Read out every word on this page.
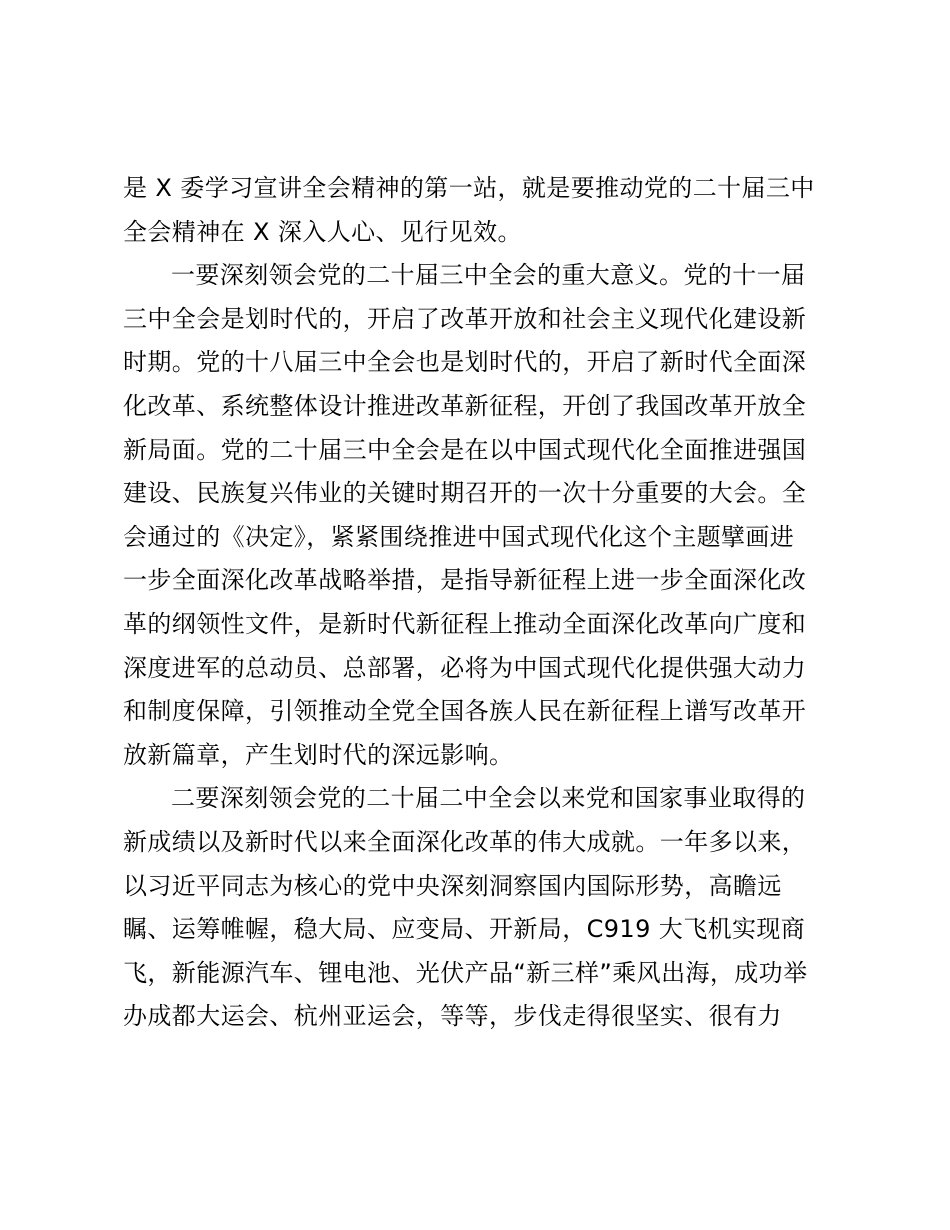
是 X 委学习宣讲全会精神的第一站，就是要推动党的二十届三中
全会精神在 X 深入人心、见行见效。
一要深刻领会党的二十届三中全会的重大意义。党的十一届
三中全会是划时代的，开启了改革开放和社会主义现代化建设新
时期。党的十八届三中全会也是划时代的，开启了新时代全面深
化改革、系统整体设计推进改革新征程，开创了我国改革开放全
新局面。党的二十届三中全会是在以中国式现代化全面推进强国
建设、民族复兴伟业的关键时期召开的一次十分重要的大会。全
会通过的《决定》，紧紧围绕推进中国式现代化这个主题擘画进
一步全面深化改革战略举措，是指导新征程上进一步全面深化改
革的纲领性文件，是新时代新征程上推动全面深化改革向广度和
深度进军的总动员、总部署，必将为中国式现代化提供强大动力
和制度保障，引领推动全党全国各族人民在新征程上谱写改革开
放新篇章，产生划时代的深远影响。
二要深刻领会党的二十届二中全会以来党和国家事业取得的
新成绩以及新时代以来全面深化改革的伟大成就。一年多以来，
以习近平同志为核心的党中央深刻洞察国内国际形势，高瞻远
瞩、运筹帷幄，稳大局、应变局、开新局，C919 大飞机实现商
飞，新能源汽车、锂电池、光伏产品“新三样”乘风出海，成功举
办成都大运会、杭州亚运会，等等，步伐走得很坚实、很有力
